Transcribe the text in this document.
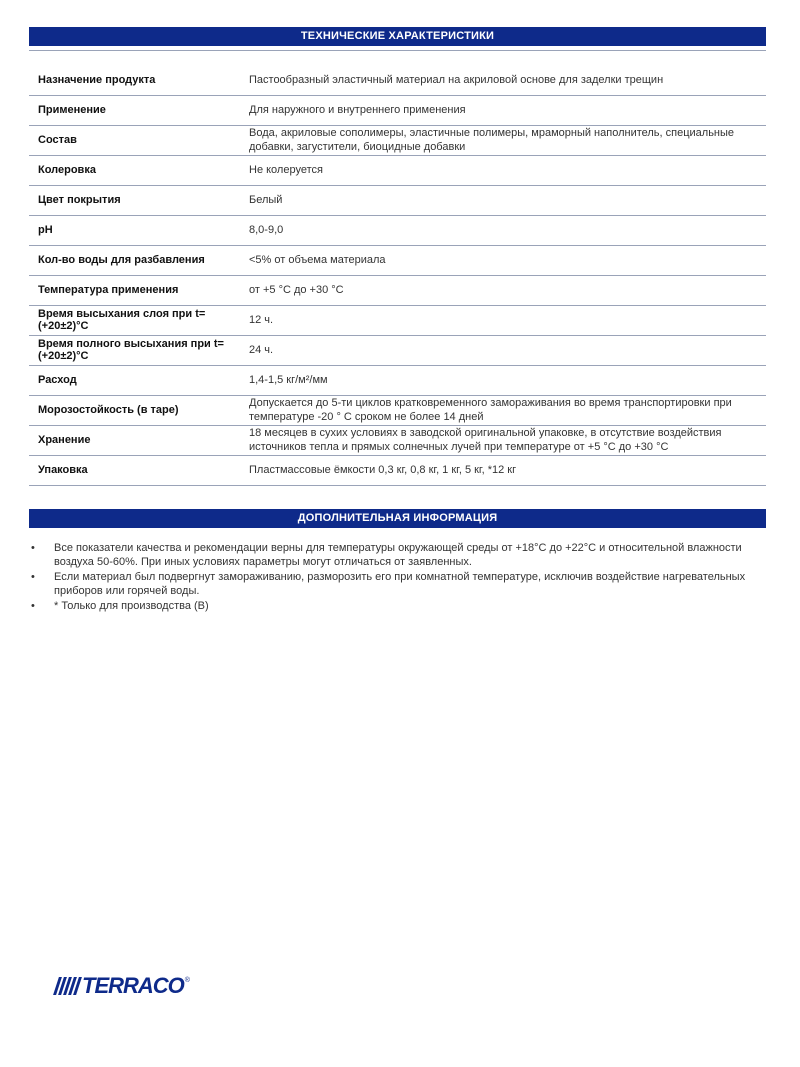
ТЕХНИЧЕСКИЕ ХАРАКТЕРИСТИКИ
Назначение продукта	Пастообразный эластичный материал на акриловой основе для заделки трещин
Применение	Для наружного и внутреннего применения
Состав	Вода, акриловые сополимеры, эластичные полимеры, мраморный наполнитель, специальные добавки, загустители, биоцидные добавки
Колеровка	Не колеруется
Цвет покрытия	Белый
pH	8,0-9,0
Кол-во воды для разбавления	<5% от объема материала
Температура применения	от +5 °С до +30 °С
Время высыхания слоя при t=(+20±2)°С	12 ч.
Время полного высыхания при t=(+20±2)°С	24 ч.
Расход	1,4-1,5 кг/м²/мм
Морозостойкость (в таре)	Допускается до 5-ти циклов кратковременного замораживания во время транспортировки при температуре -20 ° С сроком не более 14 дней
Хранение	18 месяцев в сухих условиях в заводской оригинальной упаковке, в отсутствие воздействия источников тепла и прямых солнечных лучей при температуре от +5 °С до +30 °С
Упаковка	Пластмассовые ёмкости 0,3 кг, 0,8 кг, 1 кг, 5 кг, *12 кг
ДОПОЛНИТЕЛЬНАЯ ИНФОРМАЦИЯ
• Все показатели качества и рекомендации верны для температуры окружающей среды от +18°С до +22°С и относительной влажности воздуха 50-60%. При иных условиях параметры могут отличаться от заявленных.
• Если материал был подвергнут замораживанию, разморозить его при комнатной температуре, исключив воздействие нагревательных приборов или горячей воды.
• * Только для производства (В)
TERRACO ®
